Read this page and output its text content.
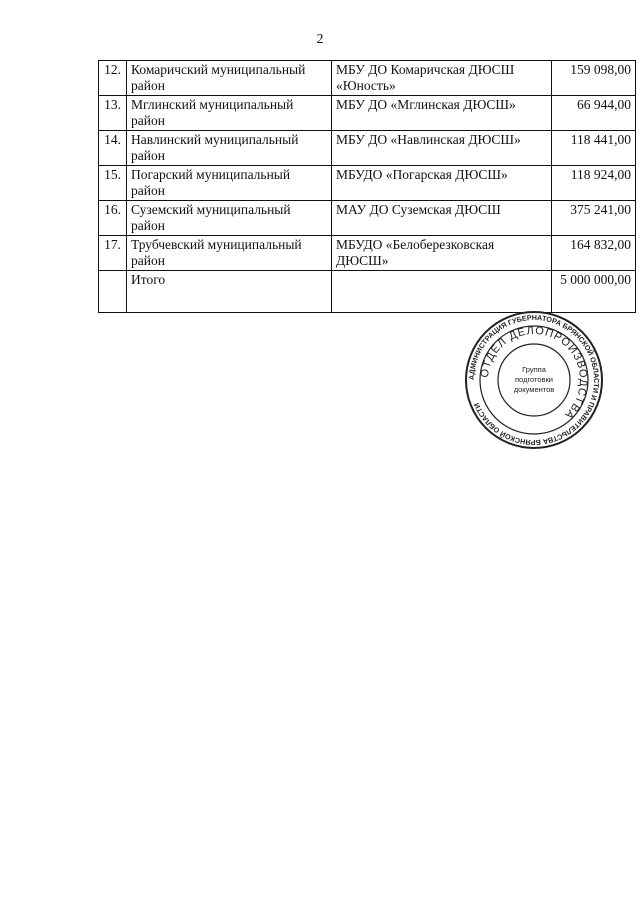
2
12.	Комаричский муниципальный район	МБУ ДО Комаричская ДЮСШ «Юность»	159 098,00
13.	Мглинский муниципальный район	МБУ ДО «Мглинская ДЮСШ»	66 944,00
14.	Навлинский муниципальный район	МБУ ДО «Навлинская ДЮСШ»	118 441,00
15.	Погарский муниципальный район	МБУДО «Погарская ДЮСШ»	118 924,00
16.	Суземский муниципальный район	МАУ ДО Суземская ДЮСШ	375 241,00
17.	Трубчевский муниципальный район	МБУДО «Белоберезковская ДЮСШ»	164 832,00
	Итого		5 000 000,00
АДМИНИСТРАЦИЯ ГУБЕРНАТОРА БРЯНСКОЙ ОБЛАСТИ И ПРАВИТЕЛЬСТВА БРЯНСКОЙ ОБЛАСТИ
ОТДЕЛ ДЕЛОПРОИЗВОДСТВА
Группа
подготовки
документов
